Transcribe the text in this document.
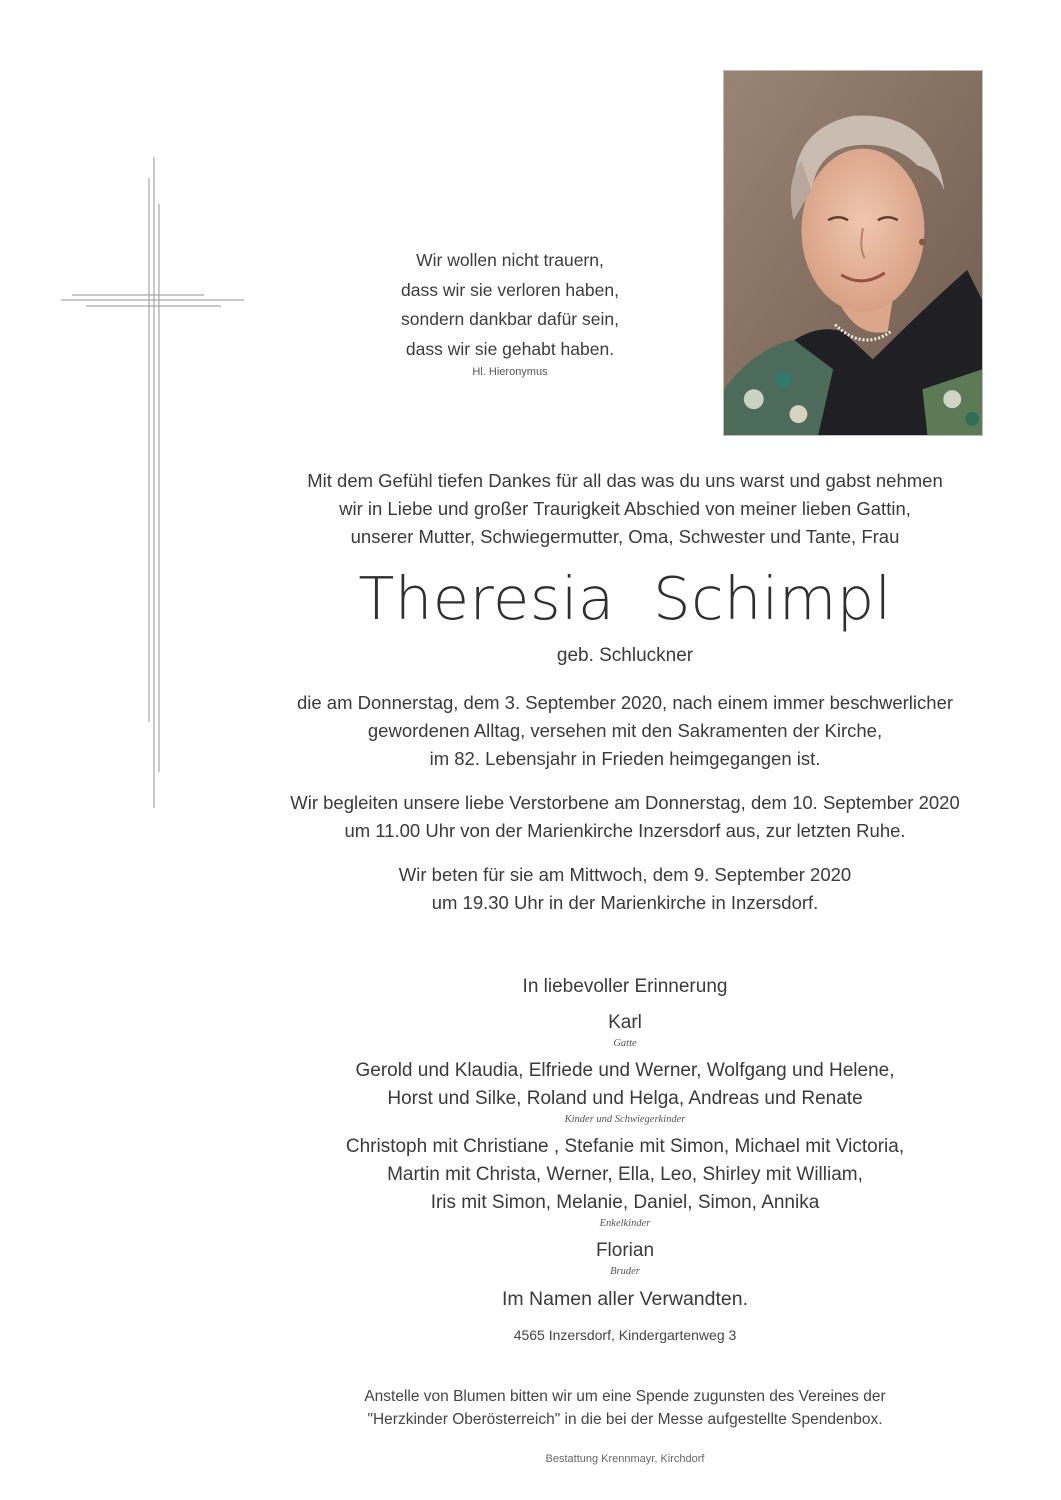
Wir wollen nicht trauern,
dass wir sie verloren haben,
sondern dankbar dafür sein,
dass wir sie gehabt haben.
Hl. Hieronymus
Mit dem Gefühl tiefen Dankes für all das was du uns warst und gabst nehmen
wir in Liebe und großer Traurigkeit Abschied von meiner lieben Gattin,
unserer Mutter, Schwiegermutter, Oma, Schwester und Tante, Frau
Theresia  Schimpl
geb. Schluckner
die am Donnerstag, dem 3. September 2020, nach einem immer beschwerlicher
gewordenen Alltag, versehen mit den Sakramenten der Kirche,
im 82. Lebensjahr in Frieden heimgegangen ist.
Wir begleiten unsere liebe Verstorbene am Donnerstag, dem 10. September 2020
um 11.00 Uhr von der Marienkirche Inzersdorf aus, zur letzten Ruhe.
Wir beten für sie am Mittwoch, dem 9. September 2020
um 19.30 Uhr in der Marienkirche in Inzersdorf.
In liebevoller Erinnerung
Karl
Gatte
Gerold und Klaudia, Elfriede und Werner, Wolfgang und Helene,
Horst und Silke, Roland und Helga, Andreas und Renate
Kinder und Schwiegerkinder
Christoph mit Christiane , Stefanie mit Simon, Michael mit Victoria,
Martin mit Christa, Werner, Ella, Leo, Shirley mit William,
Iris mit Simon, Melanie, Daniel, Simon, Annika
Enkelkinder
Florian
Bruder
Im Namen aller Verwandten.
4565 Inzersdorf, Kindergartenweg 3
Anstelle von Blumen bitten wir um eine Spende zugunsten des Vereines der
"Herzkinder Oberösterreich" in die bei der Messe aufgestellte Spendenbox.
Bestattung Krennmayr, Kirchdorf
